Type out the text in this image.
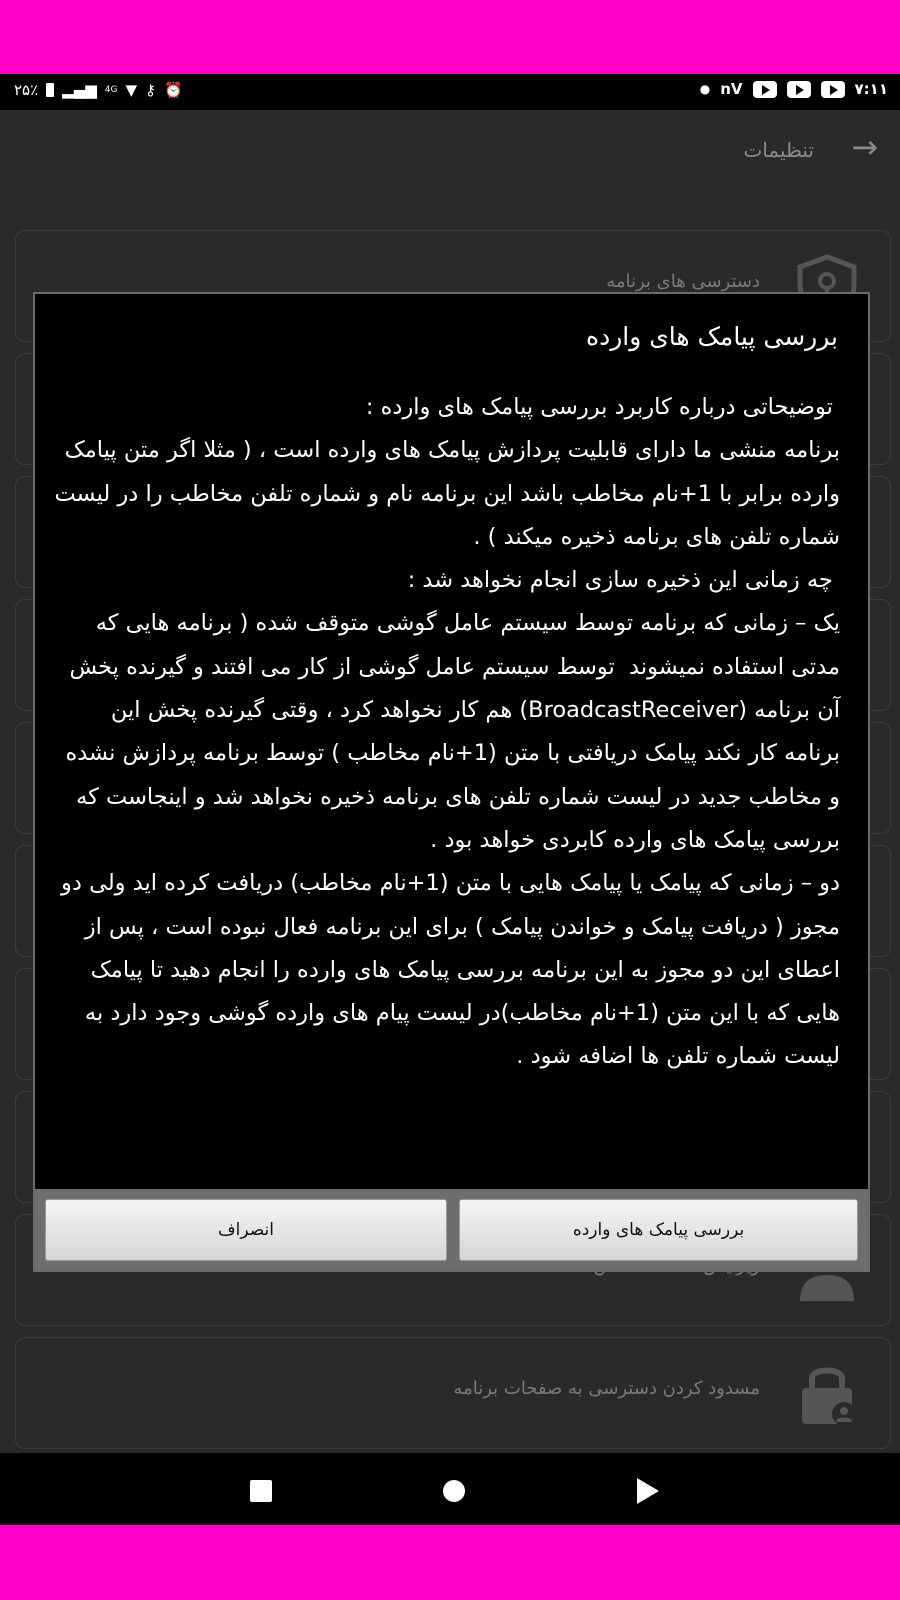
۲۵٪ ▂▄▆ 4G ▼ ⚷ ⏰	● nV	۷:۱۱
→
تنظیمات
دسترسی های برنامه
مسدود کردن دسترسی به صفحات برنامه
بررسی پیامک های وارده

توضیحاتی درباره کاربرد بررسی پیامک های وارده :

برنامه منشی ما دارای قابلیت پردازش پیامک های وارده است ، ( مثلا اگر متن پیامک وارده برابر با 1+نام مخاطب باشد این برنامه نام و شماره تلفن مخاطب را در لیست شماره تلفن های برنامه ذخیره میکند ) .

چه زمانی این ذخیره سازی انجام نخواهد شد :

یک – زمانی که برنامه توسط سیستم عامل گوشی متوقف شده ( برنامه هایی که مدتی استفاده نمیشوند  توسط سیستم عامل گوشی از کار می افتند و گیرنده پخش آن برنامه (BroadcastReceiver) هم کار نخواهد کرد ، وقتی گیرنده پخش این برنامه کار نکند پیامک دریافتی با متن (1+نام مخاطب ) توسط برنامه پردازش نشده و مخاطب جدید در لیست شماره تلفن های برنامه ذخیره نخواهد شد و اینجاست که بررسی پیامک های وارده کابردی خواهد بود .

دو – زمانی که پیامک یا پیامک هایی با متن (1+نام مخاطب) دریافت کرده اید ولی دو مجوز ( دریافت پیامک و خواندن پیامک ) برای این برنامه فعال نبوده است ، پس از اعطای این دو مجوز به این برنامه بررسی پیامک های وارده را انجام دهید تا پیامک هایی که با این متن (1+نام مخاطب)در لیست پیام های وارده گوشی وجود دارد به لیست شماره تلفن ها اضافه شود .

بررسی پیامک های وارده
انصراف
